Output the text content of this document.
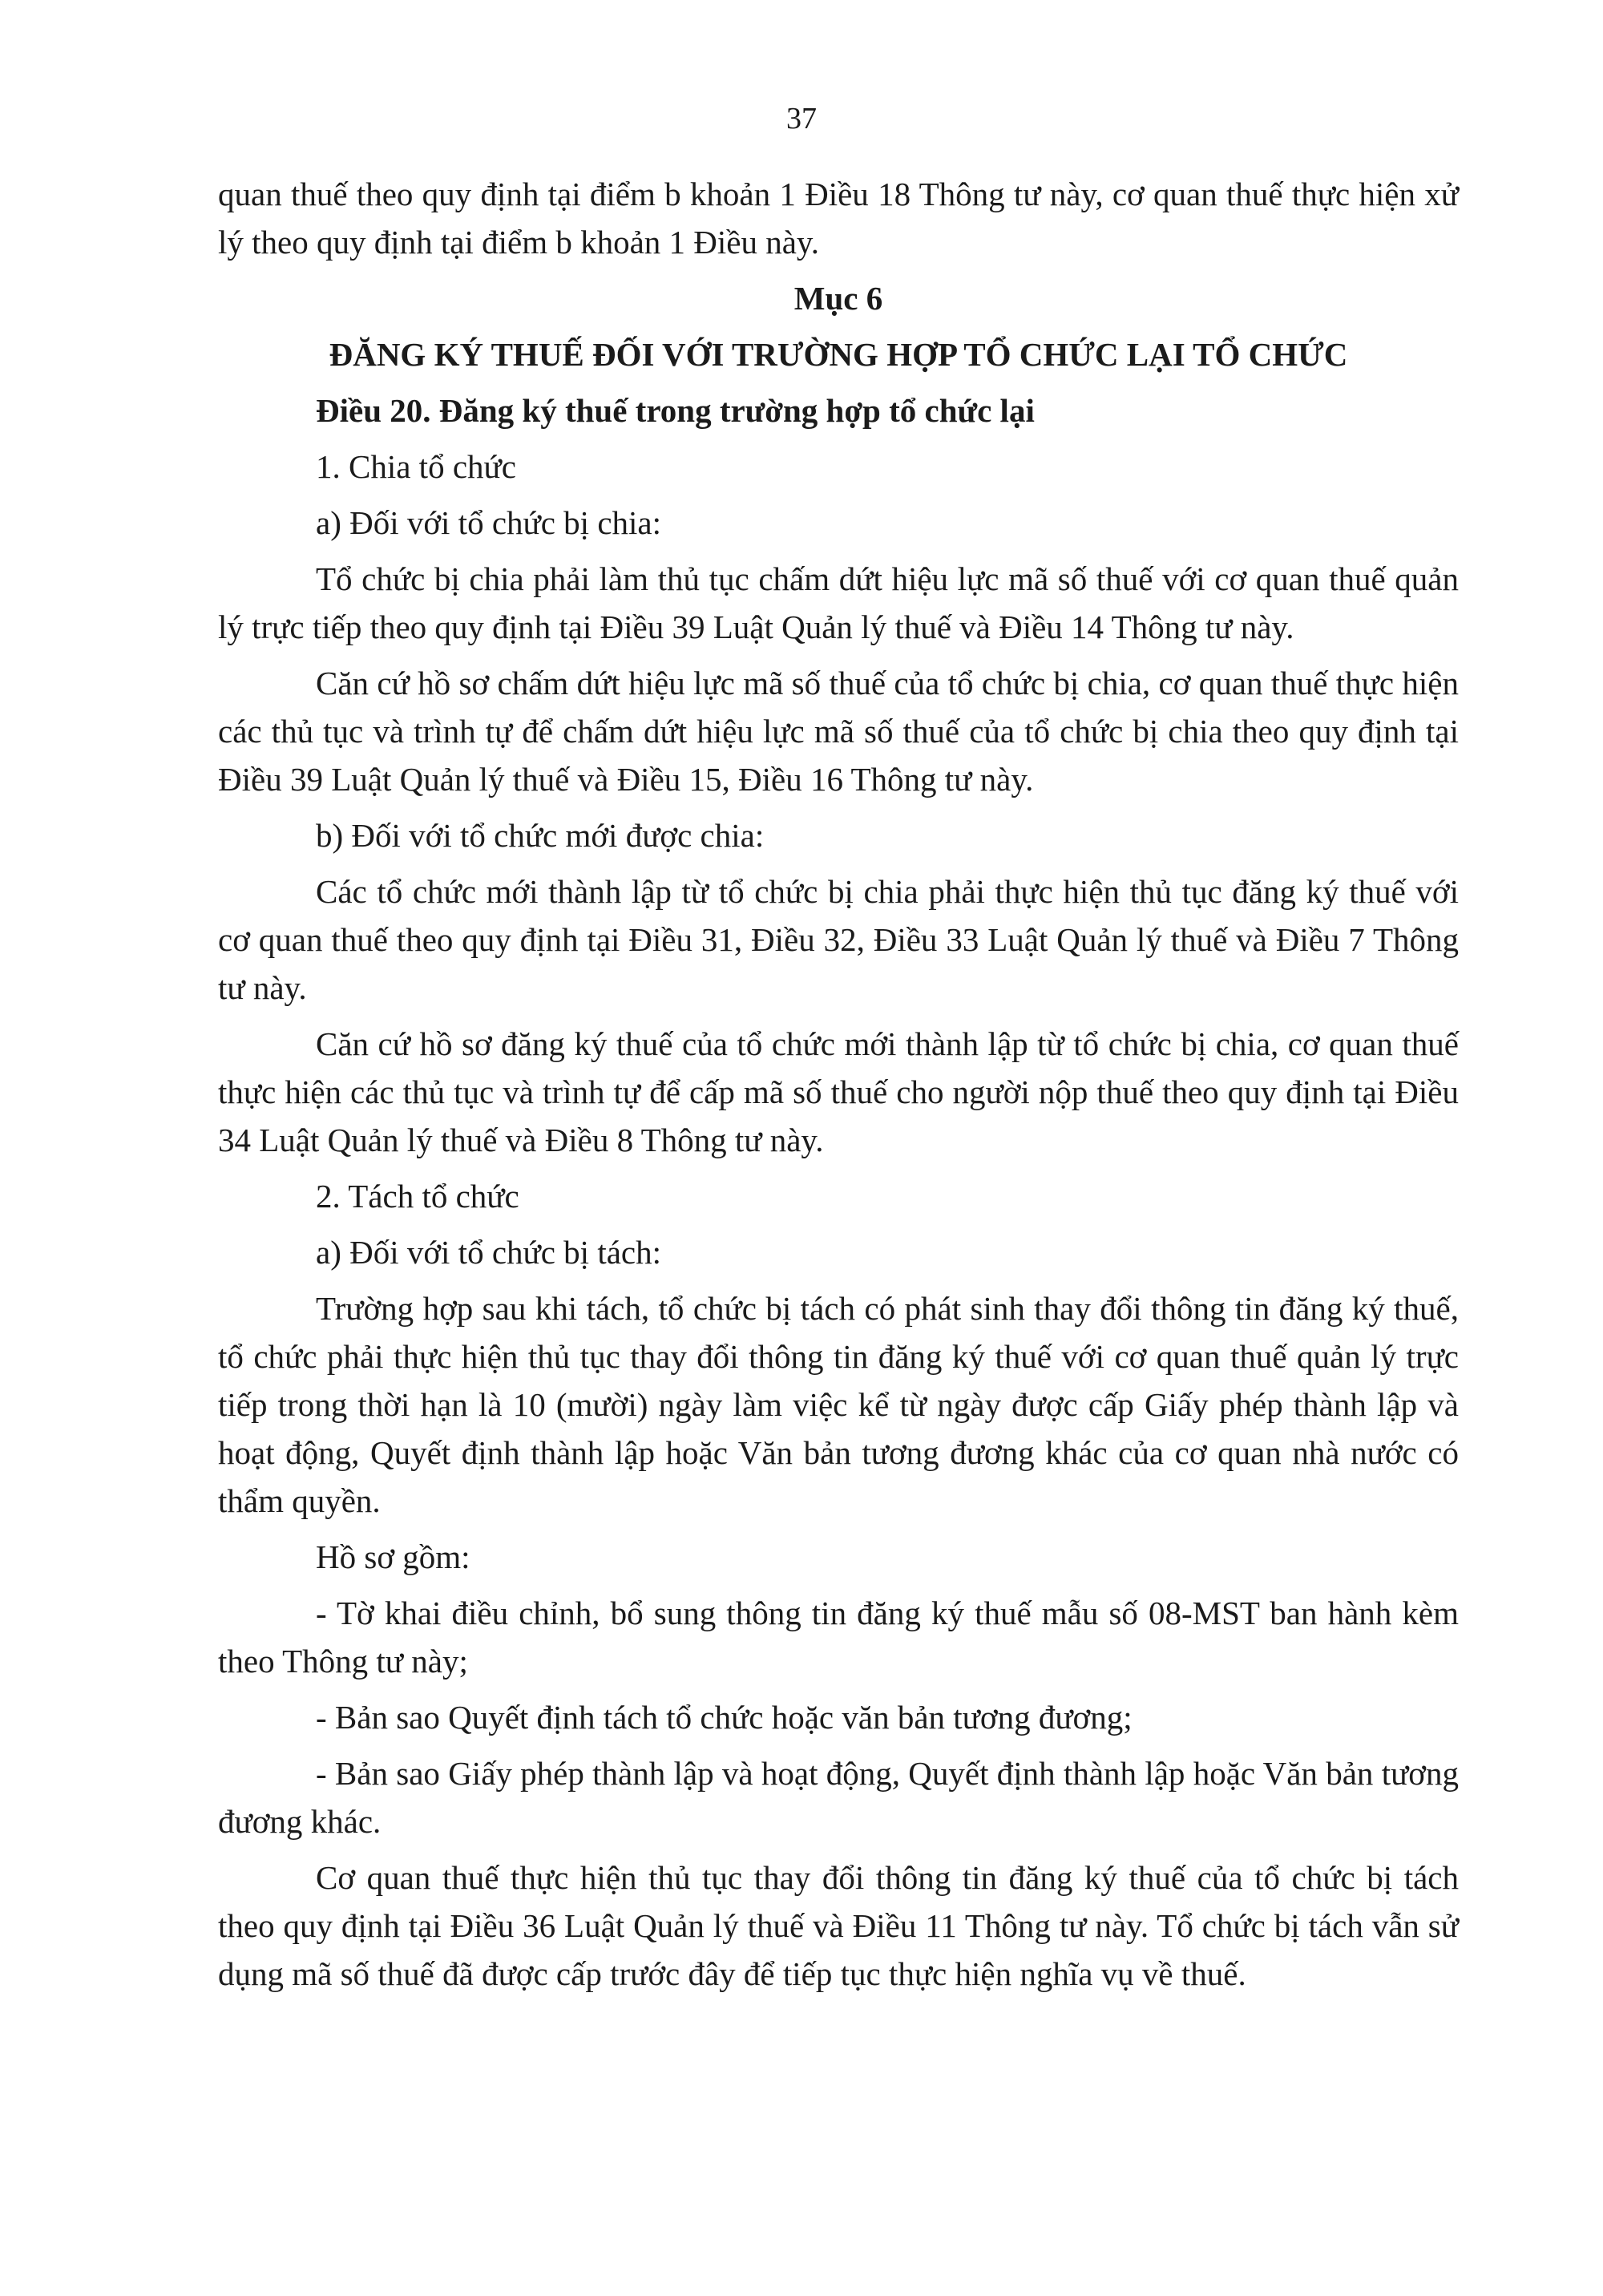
37

quan thuế theo quy định tại điểm b khoản 1 Điều 18 Thông tư này, cơ quan thuế thực hiện xử lý theo quy định tại điểm b khoản 1 Điều này.

Mục 6
ĐĂNG KÝ THUẾ ĐỐI VỚI TRƯỜNG HỢP TỔ CHỨC LẠI TỔ CHỨC
Điều 20. Đăng ký thuế trong trường hợp tổ chức lại

1. Chia tổ chức

a) Đối với tổ chức bị chia:

Tổ chức bị chia phải làm thủ tục chấm dứt hiệu lực mã số thuế với cơ quan thuế quản lý trực tiếp theo quy định tại Điều 39 Luật Quản lý thuế và Điều 14 Thông tư này.

Căn cứ hồ sơ chấm dứt hiệu lực mã số thuế của tổ chức bị chia, cơ quan thuế thực hiện các thủ tục và trình tự để chấm dứt hiệu lực mã số thuế của tổ chức bị chia theo quy định tại Điều 39 Luật Quản lý thuế và Điều 15, Điều 16 Thông tư này.

b) Đối với tổ chức mới được chia:

Các tổ chức mới thành lập từ tổ chức bị chia phải thực hiện thủ tục đăng ký thuế với cơ quan thuế theo quy định tại Điều 31, Điều 32, Điều 33 Luật Quản lý thuế và Điều 7 Thông tư này.

Căn cứ hồ sơ đăng ký thuế của tổ chức mới thành lập từ tổ chức bị chia, cơ quan thuế thực hiện các thủ tục và trình tự để cấp mã số thuế cho người nộp thuế theo quy định tại Điều 34 Luật Quản lý thuế và Điều 8 Thông tư này.

2. Tách tổ chức

a) Đối với tổ chức bị tách:

Trường hợp sau khi tách, tổ chức bị tách có phát sinh thay đổi thông tin đăng ký thuế, tổ chức phải thực hiện thủ tục thay đổi thông tin đăng ký thuế với cơ quan thuế quản lý trực tiếp trong thời hạn là 10 (mười) ngày làm việc kể từ ngày được cấp Giấy phép thành lập và hoạt động, Quyết định thành lập hoặc Văn bản tương đương khác của cơ quan nhà nước có thẩm quyền.

Hồ sơ gồm:

- Tờ khai điều chỉnh, bổ sung thông tin đăng ký thuế mẫu số 08-MST ban hành kèm theo Thông tư này;

- Bản sao Quyết định tách tổ chức hoặc văn bản tương đương;

- Bản sao Giấy phép thành lập và hoạt động, Quyết định thành lập hoặc Văn bản tương đương khác.

Cơ quan thuế thực hiện thủ tục thay đổi thông tin đăng ký thuế của tổ chức bị tách theo quy định tại Điều 36 Luật Quản lý thuế và Điều 11 Thông tư này. Tổ chức bị tách vẫn sử dụng mã số thuế đã được cấp trước đây để tiếp tục thực hiện nghĩa vụ về thuế.
